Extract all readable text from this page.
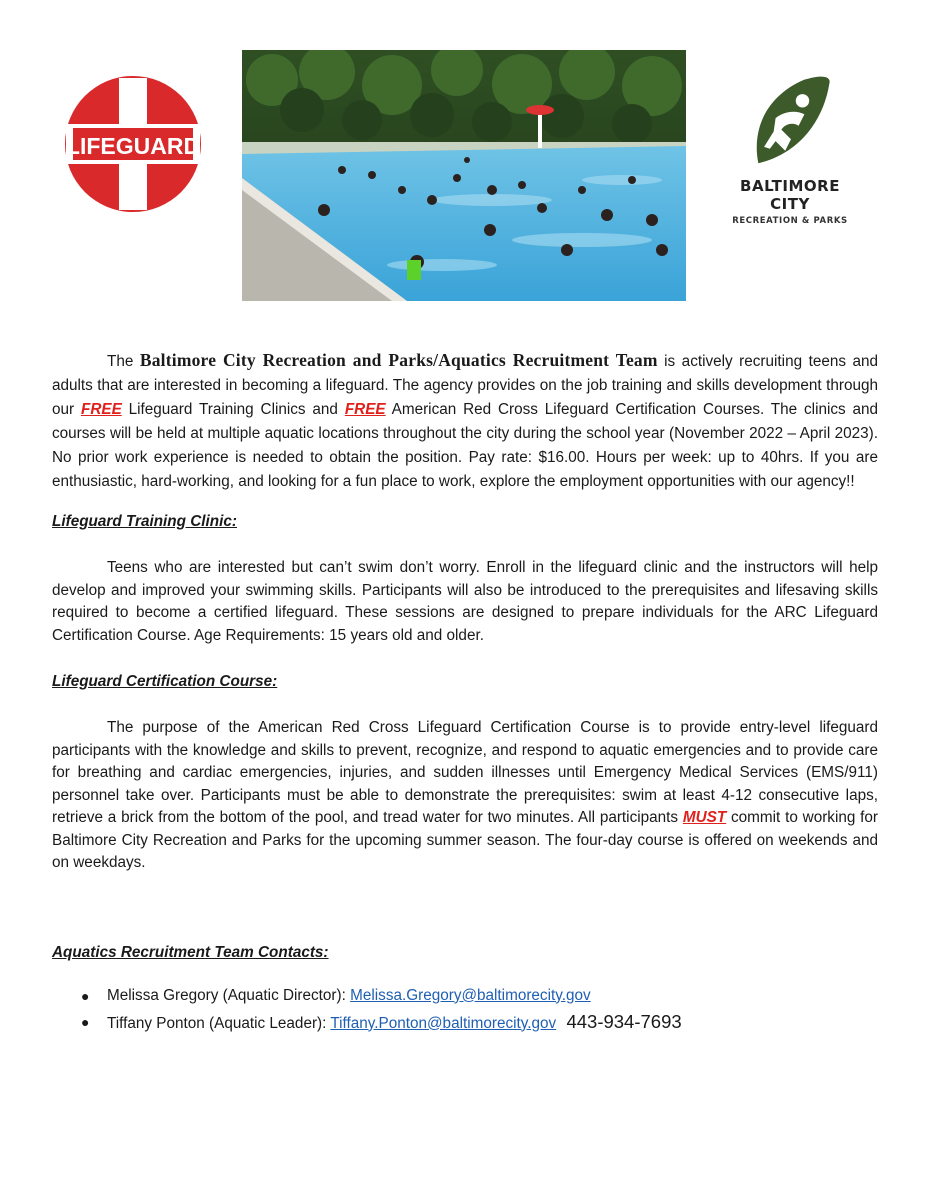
LIFEGUARD
BALTIMORE CITY
RECREATION & PARKS

The Baltimore City Recreation and Parks/Aquatics Recruitment Team is actively recruiting teens and adults that are interested in becoming a lifeguard. The agency provides on the job training and skills development through our FREE Lifeguard Training Clinics and FREE American Red Cross Lifeguard Certification Courses. The clinics and courses will be held at multiple aquatic locations throughout the city during the school year (November 2022 – April 2023). No prior work experience is needed to obtain the position. Pay rate: $16.00. Hours per week: up to 40hrs. If you are enthusiastic, hard-working, and looking for a fun place to work, explore the employment opportunities with our agency!!

Lifeguard Training Clinic:

Teens who are interested but can’t swim don’t worry. Enroll in the lifeguard clinic and the instructors will help develop and improved your swimming skills. Participants will also be introduced to the prerequisites and lifesaving skills required to become a certified lifeguard. These sessions are designed to prepare individuals for the ARC Lifeguard Certification Course. Age Requirements: 15 years old and older.

Lifeguard Certification Course:

The purpose of the American Red Cross Lifeguard Certification Course is to provide entry-level lifeguard participants with the knowledge and skills to prevent, recognize, and respond to aquatic emergencies and to provide care for breathing and cardiac emergencies, injuries, and sudden illnesses until Emergency Medical Services (EMS/911) personnel take over. Participants must be able to demonstrate the prerequisites: swim at least 4-12 consecutive laps, retrieve a brick from the bottom of the pool, and tread water for two minutes. All participants MUST commit to working for Baltimore City Recreation and Parks for the upcoming summer season. The four-day course is offered on weekends and on weekdays.

Aquatics Recruitment Team Contacts:

● Melissa Gregory (Aquatic Director): Melissa.Gregory@baltimorecity.gov
● Tiffany Ponton (Aquatic Leader): Tiffany.Ponton@baltimorecity.gov 443-934-7693
